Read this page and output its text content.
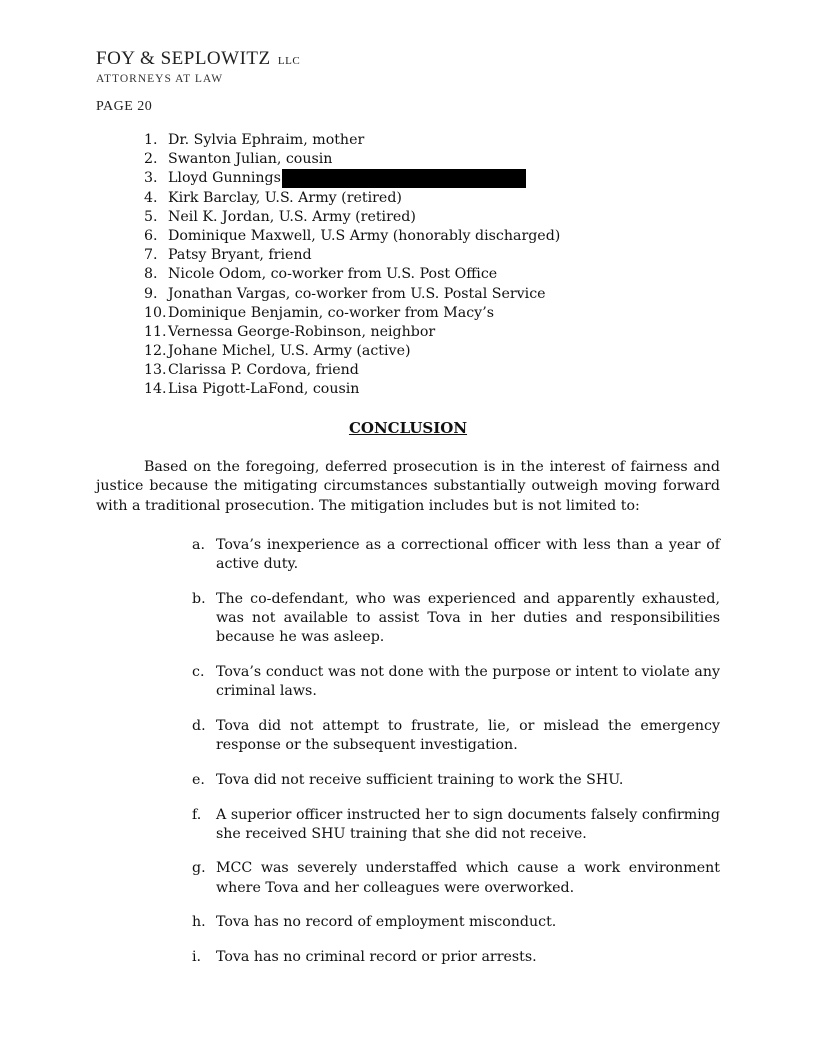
FOY & SEPLOWITZ LLC
ATTORNEYS AT LAW
PAGE 20
1. Dr. Sylvia Ephraim, mother
2. Swanton Julian, cousin
3. Lloyd Gunnings
4. Kirk Barclay, U.S. Army (retired)
5. Neil K. Jordan, U.S. Army (retired)
6. Dominique Maxwell, U.S Army (honorably discharged)
7. Patsy Bryant, friend
8. Nicole Odom, co-worker from U.S. Post Office
9. Jonathan Vargas, co-worker from U.S. Postal Service
10.Dominique Benjamin, co-worker from Macy’s
11.Vernessa George-Robinson, neighbor
12.Johane Michel, U.S. Army (active)
13.Clarissa P. Cordova, friend
14.Lisa Pigott-LaFond, cousin
CONCLUSION

Based on the foregoing, deferred prosecution is in the interest of fairness and justice because the mitigating circumstances substantially outweigh moving forward with a traditional prosecution. The mitigation includes but is not limited to:

a. Tova’s inexperience as a correctional officer with less than a year of active duty.
b. The co-defendant, who was experienced and apparently exhausted, was not available to assist Tova in her duties and responsibilities because he was asleep.
c. Tova’s conduct was not done with the purpose or intent to violate any criminal laws.
d. Tova did not attempt to frustrate, lie, or mislead the emergency response or the subsequent investigation.
e. Tova did not receive sufficient training to work the SHU.
f. A superior officer instructed her to sign documents falsely confirming she received SHU training that she did not receive.
g. MCC was severely understaffed which cause a work environment where Tova and her colleagues were overworked.
h. Tova has no record of employment misconduct.
i. Tova has no criminal record or prior arrests.
